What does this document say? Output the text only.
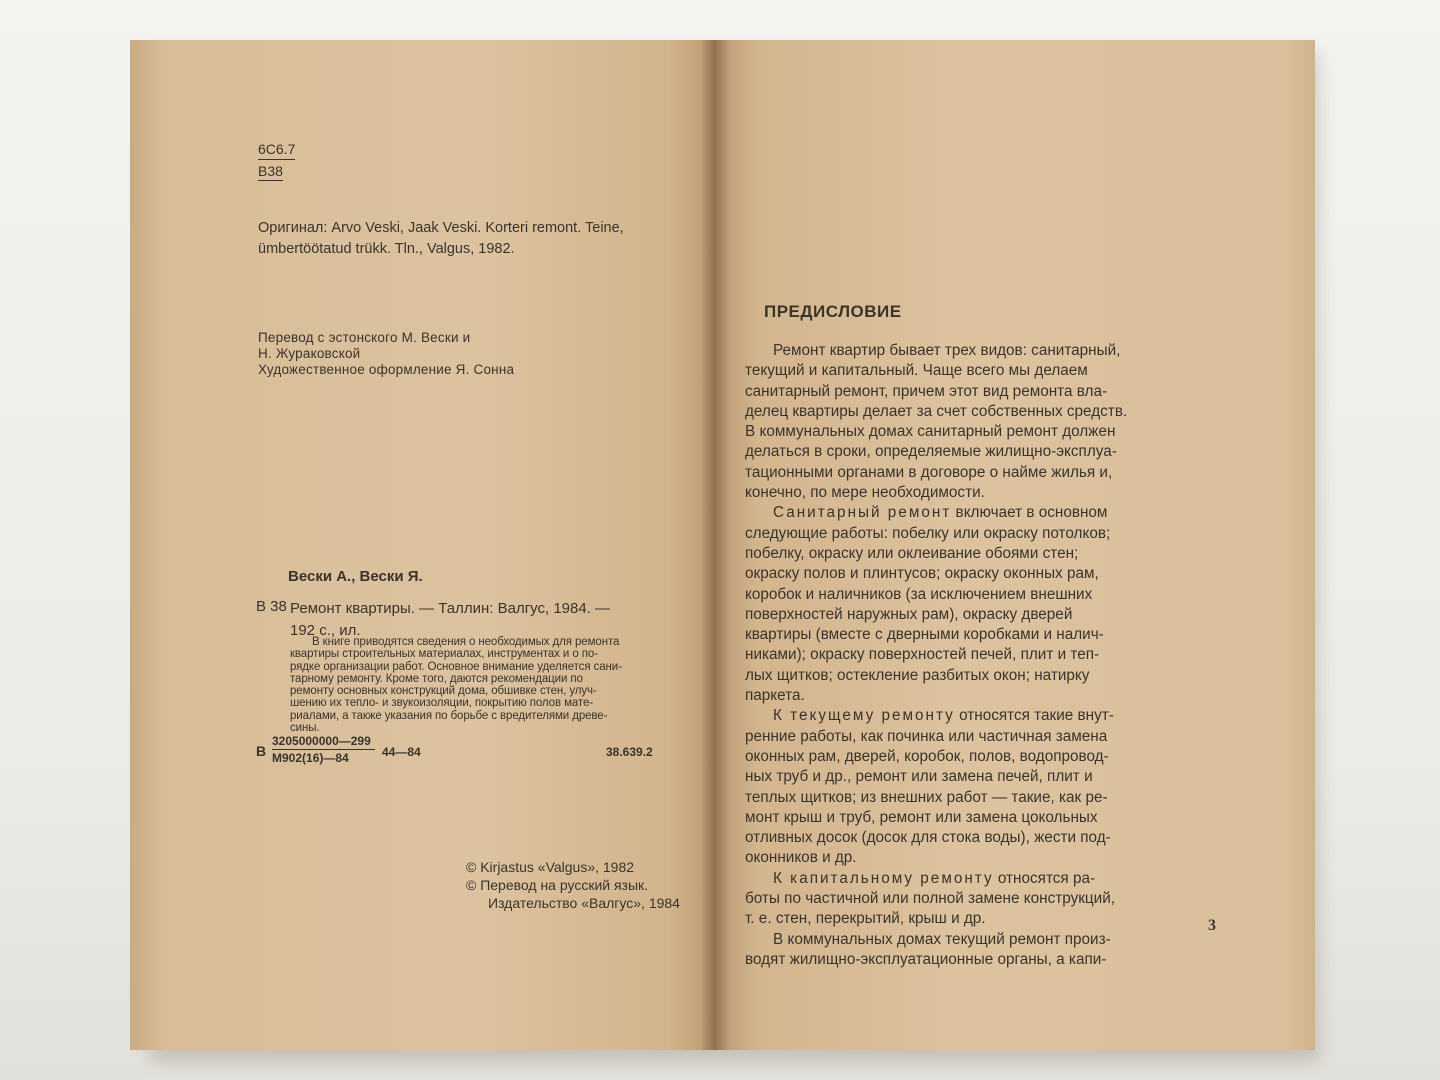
6С6.7
В38
Оригинал: Arvo Veski, Jaak Veski. Korteri remont. Teine,
ümbertöötatud trükk. Tln., Valgus, 1982.
Перевод с эстонского М. Вески и
Н. Жураковской
Художественное оформление Я. Сонна
Вески А., Вески Я.
В 38 Ремонт квартиры. — Таллин: Валгус, 1984. —
192 с., ил.
В книге приводятся сведения о необходимых для ремонта
квартиры строительных материалах, инструментах и о по-
рядке организации работ. Основное внимание уделяется сани-
тарному ремонту. Кроме того, даются рекомендации по
ремонту основных конструкций дома, обшивке стен, улуч-
шению их тепло- и звукоизоляции, покрытию полов мате-
риалами, а также указания по борьбе с вредителями древе-
сины.
В
3205000000—299
М902(16)—84	44—84	38.639.2
© Kirjastus «Valgus», 1982
© Перевод на русский язык.
Издательство «Валгус», 1984
ПРЕДИСЛОВИЕ
Ремонт квартир бывает трех видов: санитарный,
текущий и капитальный. Чаще всего мы делаем
санитарный ремонт, причем этот вид ремонта вла-
делец квартиры делает за счет собственных средств.
В коммунальных домах санитарный ремонт должен
делаться в сроки, определяемые жилищно-эксплуа-
тационными органами в договоре о найме жилья и,
конечно, по мере необходимости.
Санитарный ремонт включает в основном
следующие работы: побелку или окраску потолков;
побелку, окраску или оклеивание обоями стен;
окраску полов и плинтусов; окраску оконных рам,
коробок и наличников (за исключением внешних
поверхностей наружных рам), окраску дверей
квартиры (вместе с дверными коробками и налич-
никами); окраску поверхностей печей, плит и теп-
лых щитков; остекление разбитых окон; натирку
паркета.
К текущему ремонту относятся такие внут-
ренние работы, как починка или частичная замена
оконных рам, дверей, коробок, полов, водопровод-
ных труб и др., ремонт или замена печей, плит и
теплых щитков; из внешних работ — такие, как ре-
монт крыш и труб, ремонт или замена цокольных
отливных досок (досок для стока воды), жести под-
оконников и др.
К капитальному ремонту относятся ра-
боты по частичной или полной замене конструкций,
т. е. стен, перекрытий, крыш и др.
В коммунальных домах текущий ремонт произ-
водят жилищно-эксплуатационные органы, а капи-
3
